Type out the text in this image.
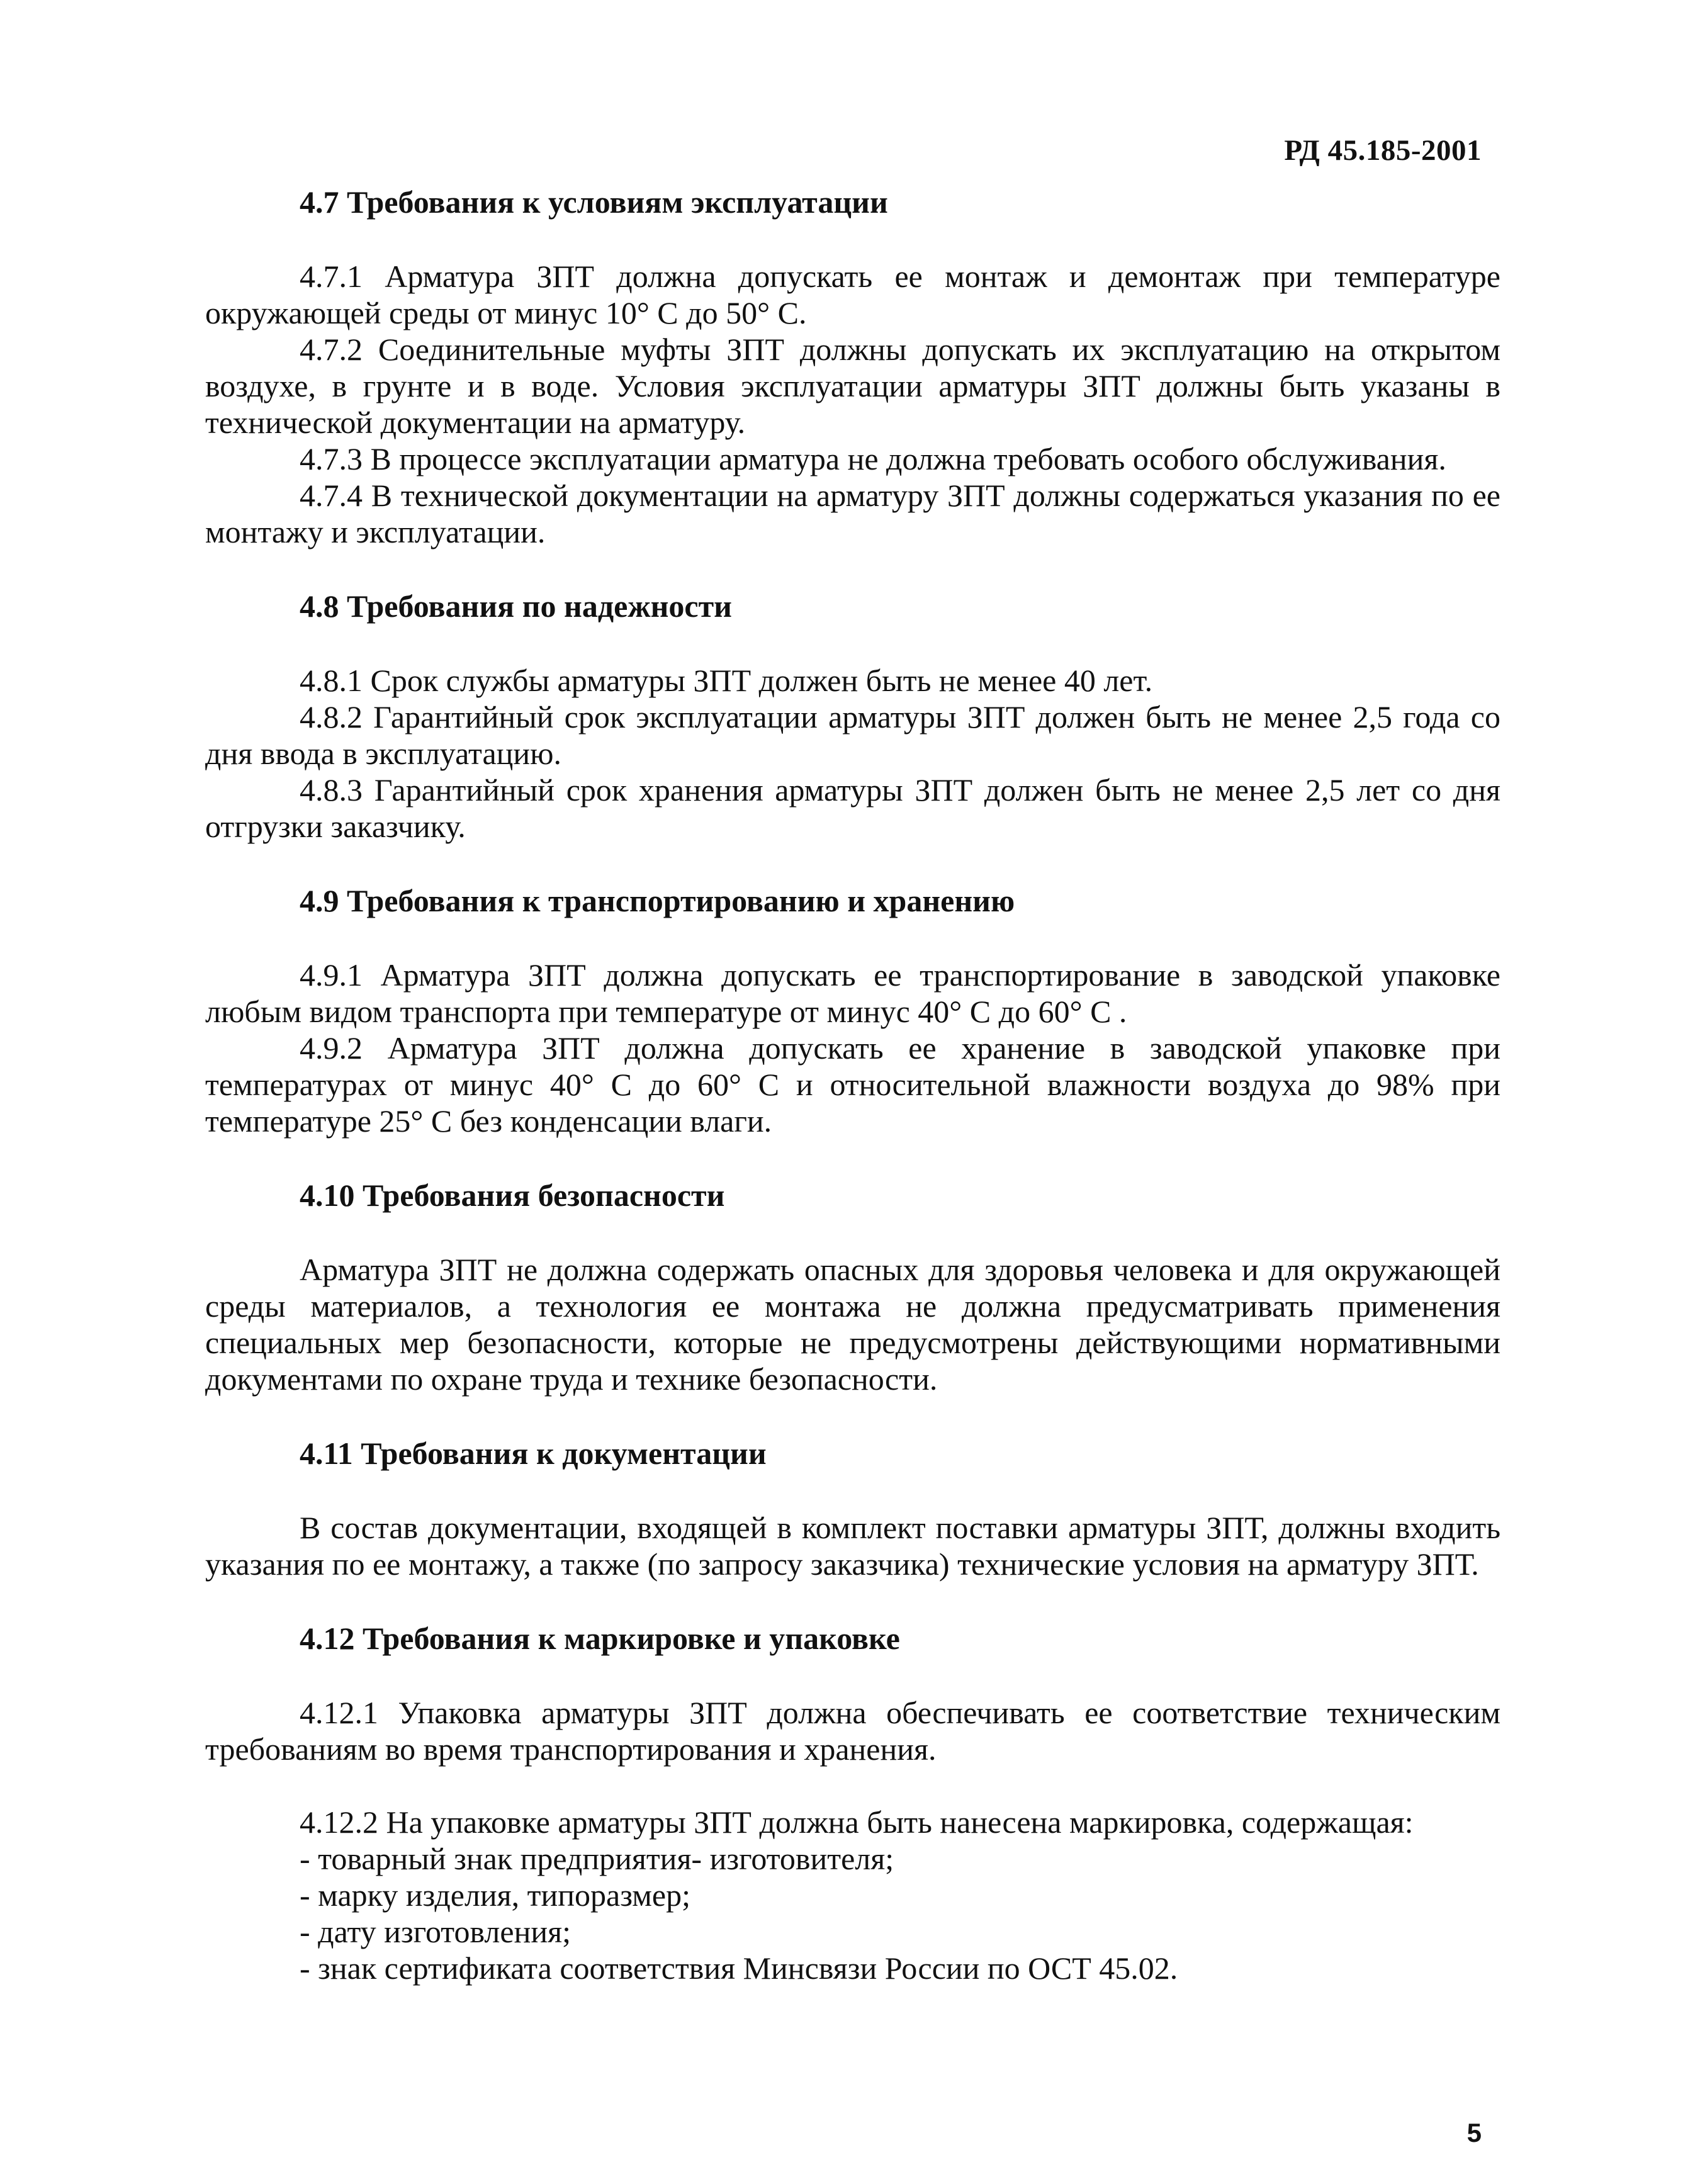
РД 45.185-2001

4.7 Требования к условиям эксплуатации

4.7.1 Арматура ЗПТ должна допускать ее монтаж и демонтаж при температуре окружающей среды от минус 10° С до 50° С.

4.7.2 Соединительные муфты ЗПТ должны допускать их эксплуатацию на открытом воздухе, в грунте и в воде. Условия эксплуатации арматуры ЗПТ должны быть указаны в технической документации на арматуру.

4.7.3 В процессе эксплуатации арматура не должна требовать особого обслуживания.

4.7.4 В технической документации на арматуру ЗПТ должны содержаться указания по ее монтажу и эксплуатации.

4.8 Требования по надежности

4.8.1 Срок службы арматуры ЗПТ должен быть не менее 40 лет.

4.8.2 Гарантийный срок эксплуатации арматуры ЗПТ должен быть не менее 2,5 года со дня ввода в эксплуатацию.

4.8.3 Гарантийный срок хранения арматуры ЗПТ должен быть не менее 2,5 лет со дня отгрузки заказчику.

4.9 Требования к транспортированию и хранению

4.9.1 Арматура ЗПТ должна допускать ее транспортирование в заводской упаковке любым видом транспорта при температуре от минус 40° С до 60° С .

4.9.2 Арматура ЗПТ должна допускать ее хранение в заводской упаковке при температурах от минус 40° С до 60° С и относительной влажности воздуха до 98% при температуре 25° С без конденсации влаги.

4.10 Требования безопасности

Арматура ЗПТ не должна содержать опасных для здоровья человека и для окружающей среды материалов, а технология ее монтажа не должна предусматривать применения специальных мер безопасности, которые не предусмотрены действующими нормативными документами по охране труда и технике безопасности.

4.11 Требования к документации

В состав документации, входящей в комплект поставки арматуры ЗПТ, должны входить указания по ее монтажу, а также (по запросу заказчика) технические условия на арматуру ЗПТ.

4.12 Требования к маркировке и упаковке

4.12.1 Упаковка арматуры ЗПТ должна обеспечивать ее соответствие техническим требованиям во время транспортирования и хранения.

4.12.2 На упаковке арматуры ЗПТ должна быть нанесена маркировка, содержащая:

- товарный знак предприятия- изготовителя;
- марку изделия, типоразмер;
- дату изготовления;
- знак сертификата соответствия Минсвязи России по ОСТ 45.02.
5
